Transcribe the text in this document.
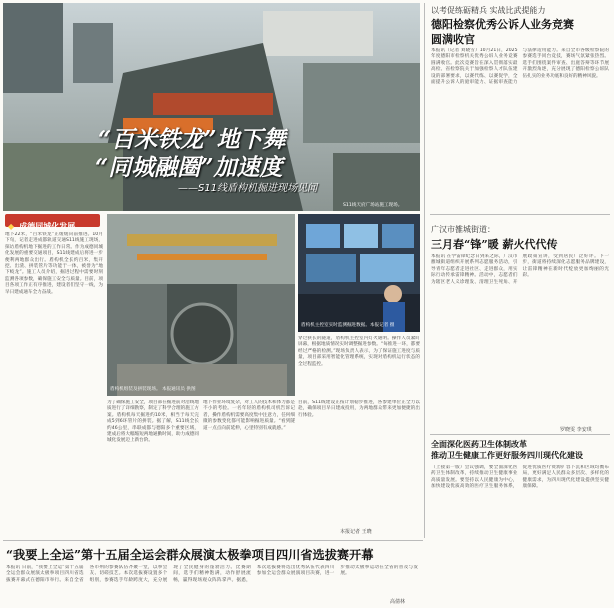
“百米铁龙”地下舞
“同城融圈”加速度
——S11线盾构机掘进现场见闻
S11线天府广场站施工现场。
以考促练砺精兵 实战比武提能力
德阳检察优秀公诉人业务竞赛
圆满收官
本报讯（记者 刘晓雪）10月21日，2025年度德阳市检察机关优秀公诉人业务竞赛圆满收官。此次竞赛旨在深入贯彻落实最高检、省检察院关于加强检察人才队伍建设的部署要求，以赛代练、以赛促学，全面提升公诉人的庭审能力、证据审查能力与法律适用能力。来自全市各级检察院的参赛选手同台竞技，赛场气氛紧张热烈。选手们围绕案件审查、出庭答辩等环节展开激烈角逐，充分展现了德阳检察公诉队伍扎实的业务功底和良好的精神风貌。
广汉市雒城街道：
三月春“锋”暖 薪火代代传
本报讯 在学雷锋纪念日到来之际，广汉市雒城街道组织开展系列志愿服务活动，引导青年志愿者走进社区、走进群众，用实际行动传承雷锋精神。活动中，志愿者们为辖区老人义诊理发、清理卫生死角、开展政策宣讲，受到居民广泛好评。下一步，街道将持续深化志愿服务品牌建设，让雷锋精神在新时代绽放更加绚丽的光彩。
罗晓雯 李安琪
全面深化医药卫生体制改革
推动卫生健康工作更好服务四川现代化建设
（上接第一版）会议强调，要全面深化医药卫生体制改革，持续推动卫生健康事业高质量发展。要坚持以人民健康为中心，加快建设优质高效的医疗卫生服务体系，促进优质医疗资源扩容下沉和区域均衡布局，更好满足人民群众多层次、多样化的健康需求，为四川现代化建设提供坚实健康保障。
◆ 成德同城化发展
地下22米，“百米铁龙”正缓缓向前推进。10月下旬，记者走进成都轨道交通S11线施工现场，探访盾构机地下掘进的工作日常。作为成德同城化发展的重要交通项目，S11线建成后将进一步便利两地群众出行。盾构机全长约百米，集开挖、出渣、拼装管片等功能于一体，被誉为“地下蛟龙”。施工人员介绍，掘进过程中需要时刻监测各项参数，确保施工安全与质量。目前，项目各项工作正有序推进，建设者们坚守一线，为早日建成通车全力奋战。
盾构机组装及拼装现场。 本报通讯员 供图
盾构机主控室实时监测掘进数据。本报记者 摄
穿过狭长的隧道，盾构机主控室内灯火通明。操作人员紧盯屏幕，根据地质情况实时调整掘进参数。“每推进一环，都要经过严格的检测。”现场负责人表示，为了保证施工进度与质量，项目部采用智能化管理系统，实现对盾构机运行状态的全过程监控。
为了确保施工安全，项目部在掘进前对沿线地质进行了详细勘察，制定了科学合理的施工方案。盾构机每天掘进约10米，相当于每天完成5到6环管片的拼装。据了解，S11线全长约46公里，串联成都与德阳多个重要区域，建成后将大幅缩短两地通勤时间，助力成德同城化发展迈上新台阶。
地下作业环境复杂，对工人的技术和体力都是不小的考验。一名年轻的盾构机司机告诉记者，操作盾构机需要高度集中注意力，任何细微的参数变化都可能影响掘进质量。“看到隧道一点点向前延伸，心里特别有成就感。”
目前，S11线建设正按计划稳步推进，各参建单位正全力以赴，确保项目早日建成投用，为两地群众带来更加便捷的出行体验。
本报记者 王晓
“我要上全运”第十五届全运会群众展演太极拳项目四川省选拔赛开幕
本报讯 日前，“我要上全运”第十五届全运会群众展演太极拳项目四川省选拔赛开幕式在德阳市举行。来自全省各市州的参赛队伍齐聚一堂，以拳会友、切磋技艺。本次选拔赛设置多个组别，参赛选手年龄跨度大，充分展现了全民健身的蓬勃活力。比赛期间，选手们精神饱满，动作舒展流畅，赢得现场观众阵阵掌声。据悉，本次选拔赛将选出优秀队伍代表四川参加全运会群众展演项目决赛，进一步推动太极拳运动在全省的普及与发展。
高倩林
